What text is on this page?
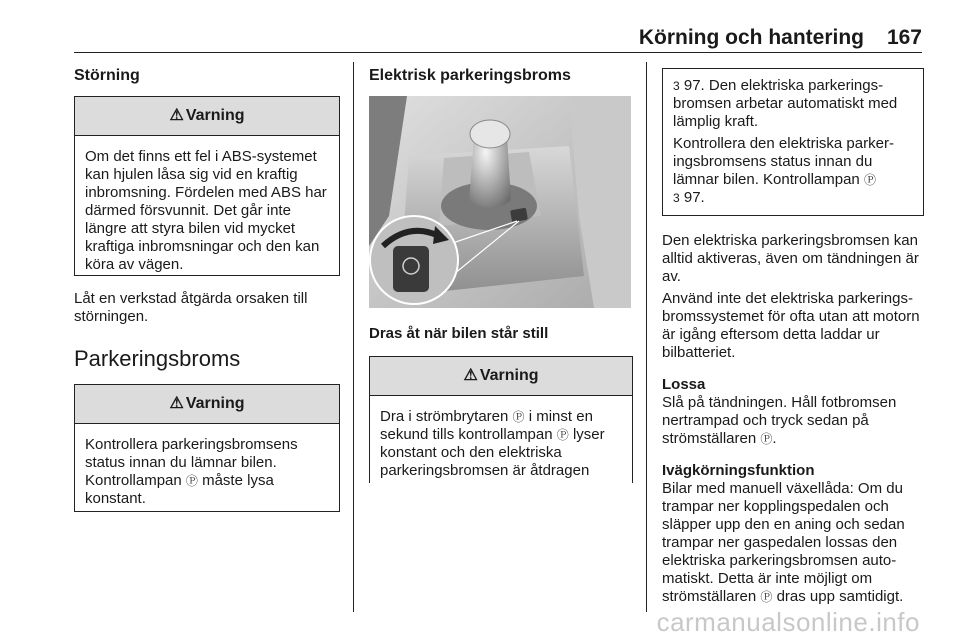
Körning och hantering 167

Störning

⚠ Varning

Om det finns ett fel i ABS-systemet kan hjulen låsa sig vid en kraftig inbromsning. Fördelen med ABS har därmed försvunnit. Det går inte längre att styra bilen vid mycket kraftiga inbromsningar och den kan köra av vägen.

Låt en verkstad åtgärda orsaken till störningen.

Parkeringsbroms

⚠ Varning

Kontrollera parkeringsbromsens status innan du lämnar bilen. Kontrollampan Ⓟ måste lysa konstant.

Elektrisk parkeringsbroms

Dras åt när bilen står still

⚠ Varning

Dra i strömbrytaren Ⓟ i minst en sekund tills kontrollampan Ⓟ lyser konstant och den elektriska parkeringsbromsen är åtdragen

3 97. Den elektriska parkeringsbromsen arbetar automatiskt med lämplig kraft.

Kontrollera den elektriska parkeringsbromsens status innan du lämnar bilen. Kontrollampan Ⓟ

3 97.

Den elektriska parkeringsbromsen kan alltid aktiveras, även om tändningen är av.

Använd inte det elektriska parkeringsbromssystemet för ofta utan att motorn är igång eftersom detta laddar ur bilbatteriet.

Lossa

Slå på tändningen. Håll fotbromsen nertrampad och tryck sedan på strömställaren Ⓟ.

Ivägkörningsfunktion

Bilar med manuell växellåda: Om du trampar ner kopplingspedalen och släpper upp den en aning och sedan trampar ner gaspedalen lossas den elektriska parkeringsbromsen automatiskt. Detta är inte möjligt om strömställaren Ⓟ dras upp samtidigt.

carmanualsonline.info
